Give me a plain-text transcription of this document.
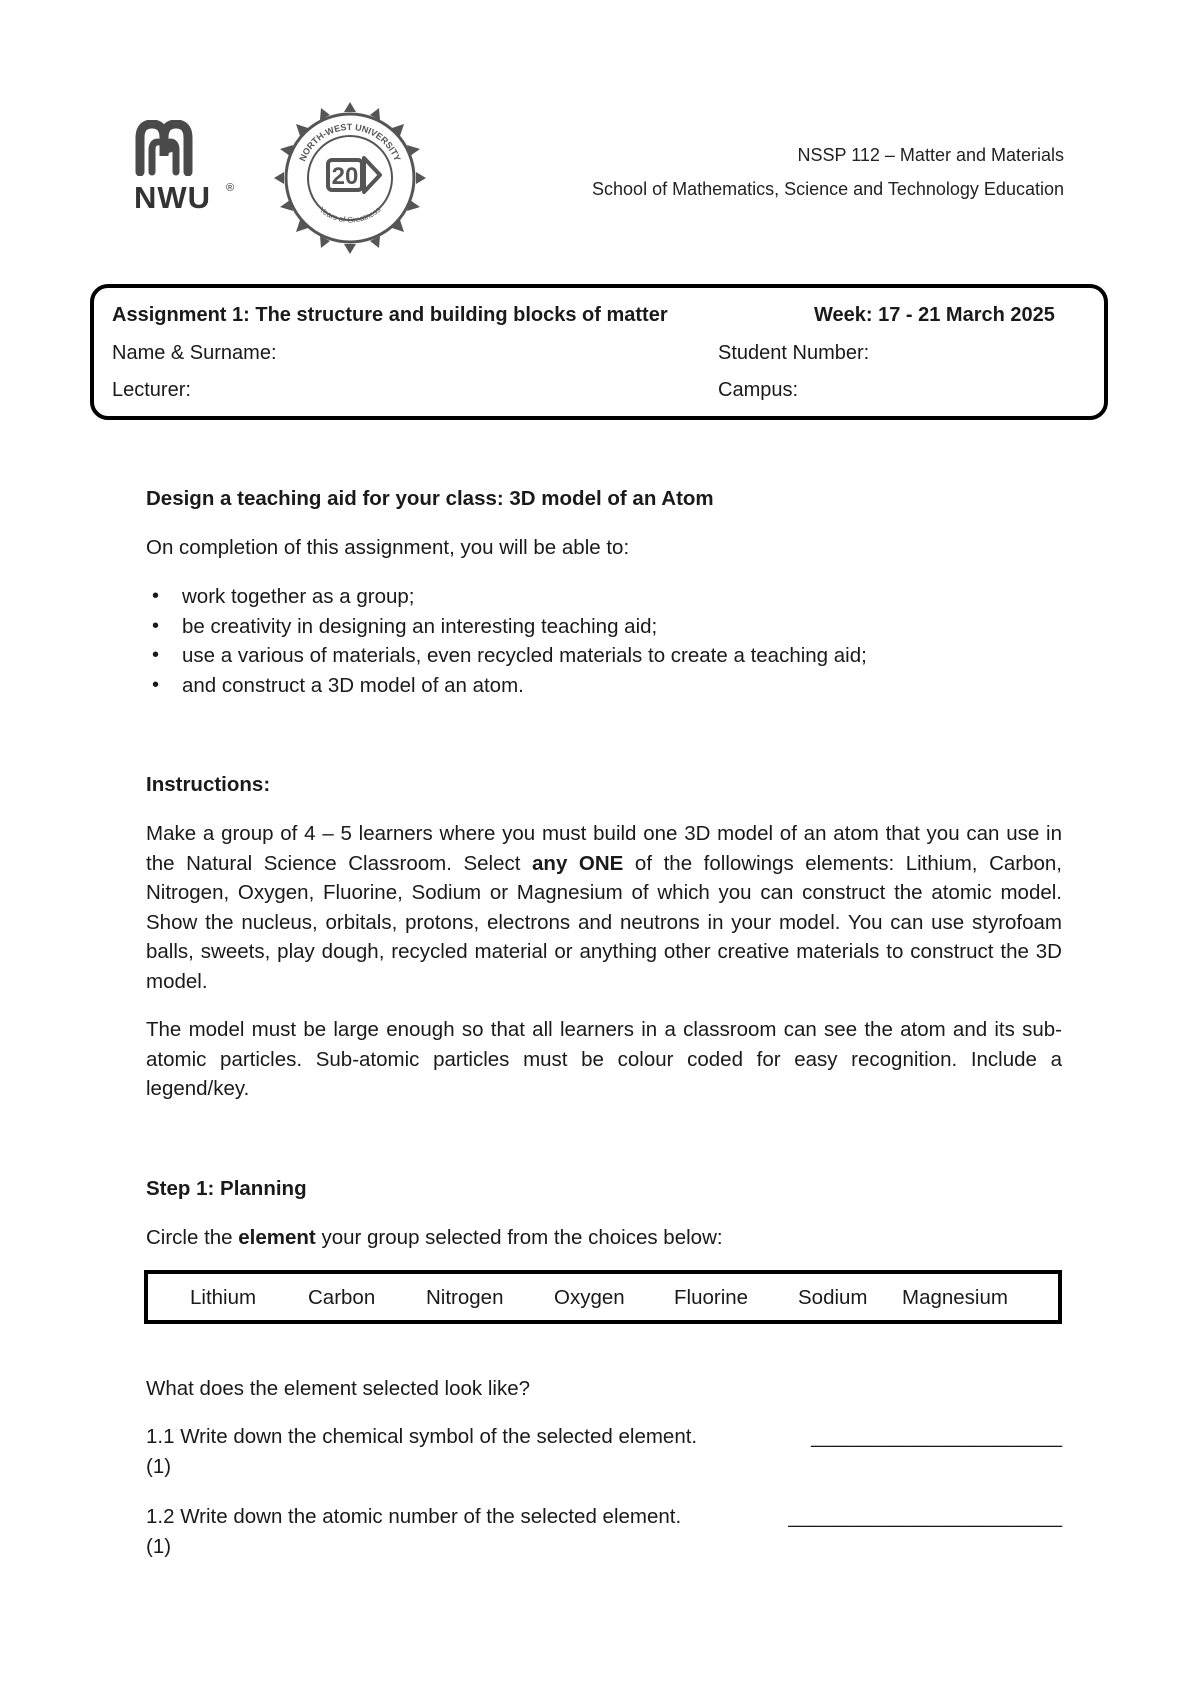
NWU ®
NORTH-WEST UNIVERSITY
Years of Greatness
20
NSSP 112 – Matter and Materials
School of Mathematics, Science and Technology Education
Assignment 1: The structure and building blocks of matter	Week: 17 - 21 March 2025
Name & Surname:	Student Number:
Lecturer:	Campus:
Design a teaching aid for your class: 3D model of an Atom
On completion of this assignment, you will be able to:
• work together as a group;
• be creativity in designing an interesting teaching aid;
• use a various of materials, even recycled materials to create a teaching aid;
• and construct a 3D model of an atom.
Instructions:
Make a group of 4 – 5 learners where you must build one 3D model of an atom that you can use in the Natural Science Classroom. Select any ONE of the followings elements: Lithium, Carbon, Nitrogen, Oxygen, Fluorine, Sodium or Magnesium of which you can construct the atomic model. Show the nucleus, orbitals, protons, electrons and neutrons in your model. You can use styrofoam balls, sweets, play dough, recycled material or anything other creative materials to construct the 3D model.
The model must be large enough so that all learners in a classroom can see the atom and its sub-atomic particles. Sub-atomic particles must be colour coded for easy recognition. Include a legend/key.
Step 1: Planning
Circle the element your group selected from the choices below:
Lithium	Carbon Nitrogen Oxygen Fluorine Sodium Magnesium
What does the element selected look like?
1.1 Write down the chemical symbol of the selected element.	______________________
(1)
1.2 Write down the atomic number of the selected element.	________________________
(1)
